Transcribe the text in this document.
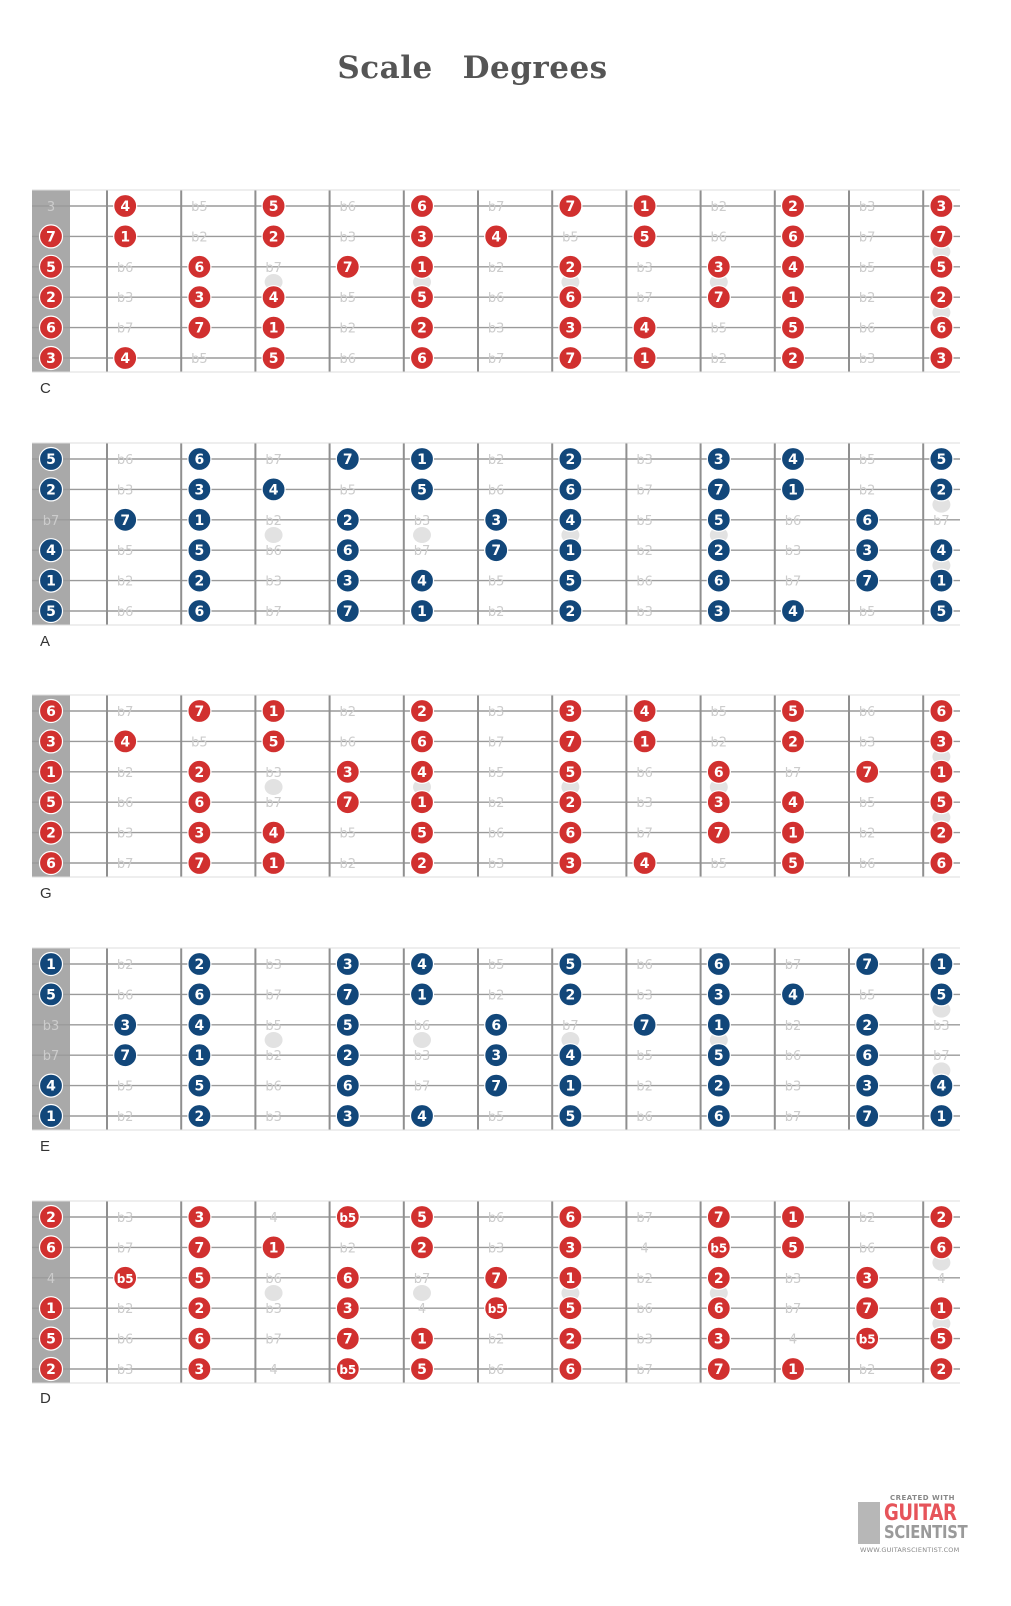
Scale Degrees
3	4	b5	5	b6	6	b7	7	1	b2	2	b3	3
7	1	b2	2	b3	3	4	b5	5	b6	6	b7	7
5	b6	6	b7	7	1	b2	2	b3	3	4	b5	5
2	b3	3	4	b5	5	b6	6	b7	7	1	b2	2
6	b7	7	1	b2	2	b3	3	4	b5	5	b6	6
3	4	b5	5	b6	6	b7	7	1	b2	2	b3	3
C
5	b6	6	b7	7	1	b2	2	b3	3	4	b5	5
2	b3	3	4	b5	5	b6	6	b7	7	1	b2	2
b7	7	1	b2	2	b3	3	4	b5	5	b6	6	b7
4	b5	5	b6	6	b7	7	1	b2	2	b3	3	4
1	b2	2	b3	3	4	b5	5	b6	6	b7	7	1
5	b6	6	b7	7	1	b2	2	b3	3	4	b5	5
A
6	b7	7	1	b2	2	b3	3	4	b5	5	b6	6
3	4	b5	5	b6	6	b7	7	1	b2	2	b3	3
1	b2	2	b3	3	4	b5	5	b6	6	b7	7	1
5	b6	6	b7	7	1	b2	2	b3	3	4	b5	5
2	b3	3	4	b5	5	b6	6	b7	7	1	b2	2
6	b7	7	1	b2	2	b3	3	4	b5	5	b6	6
G
1	b2	2	b3	3	4	b5	5	b6	6	b7	7	1
5	b6	6	b7	7	1	b2	2	b3	3	4	b5	5
b3	3	4	b5	5	b6	6	b7	7	1	b2	2	b3
b7	7	1	b2	2	b3	3	4	b5	5	b6	6	b7
4	b5	5	b6	6	b7	7	1	b2	2	b3	3	4
1	b2	2	b3	3	4	b5	5	b6	6	b7	7	1
E
2	b3	3	4	b5	5	b6	6	b7	7	1	b2	2
6	b7	7	1	b2	2	b3	3	4	b5	5	b6	6
4	b5	5	b6	6	b7	7	1	b2	2	b3	3	4
1	b2	2	b3	3	4	b5	5	b6	6	b7	7	1
5	b6	6	b7	7	1	b2	2	b3	3	4	b5	5
2	b3	3	4	b5	5	b6	6	b7	7	1	b2	2
D
CREATED WITH
GUITAR
SCIENTIST
WWW.GUITARSCIENTIST.COM
